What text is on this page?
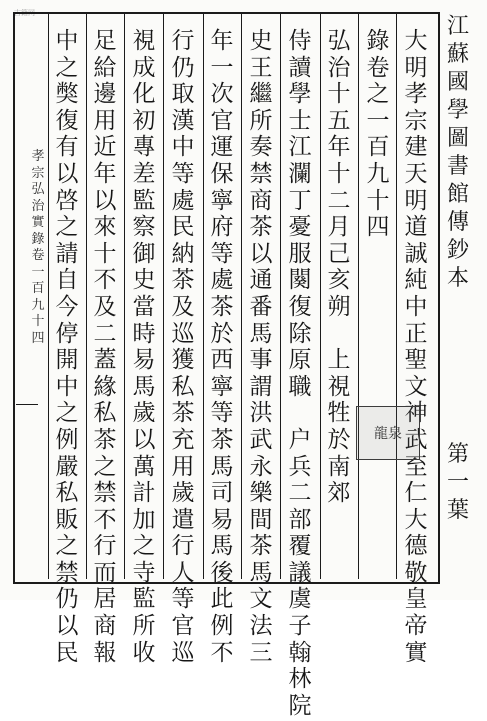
古籍网
江
蘇
國
學
圖
書
館
傳
鈔
本
第
一
葉
孝
宗
弘
治
實
錄
卷
一
百
九
十
四
大
明
孝
宗
建
天
明
道
誠
純
中
正
聖
文
神
武
至
仁
大
德
敬
皇
帝
實
錄
卷
之
一
百
九
十
四
弘
治
十
五
年
十
二
月
己
亥
朔

上
視
牲
於
南
郊
侍
讀
學
士
江
瀾
丁
憂
服
闋
復
除
原
職

户
兵
二
部
覆
議
虞
子
翰
林
院
史
王
繼
所
奏
禁
商
茶
以
通
番
馬
事
謂
洪
武
永
樂
間
茶
馬
文
法
三
年
一
次
官
運
保
寧
府
等
處
茶
於
西
寧
等
茶
馬
司
易
馬
後
此
例
不
行
仍
取
漢
中
等
處
民
納
茶
及
巡
獲
私
茶
充
用
歲
遣
行
人
等
官
巡
視
成
化
初
專
差
監
察
御
史
當
時
易
馬
歲
以
萬
計
加
之
寺
監
所
收
足
給
邊
用
近
年
以
來
十
不
及
二
蓋
緣
私
茶
之
禁
不
行
而
居
商
報
中
之
獘
復
有
以
啓
之
請
自
今
停
開
中
之
例
嚴
私
販
之
禁
仍
以
民
龍泉
